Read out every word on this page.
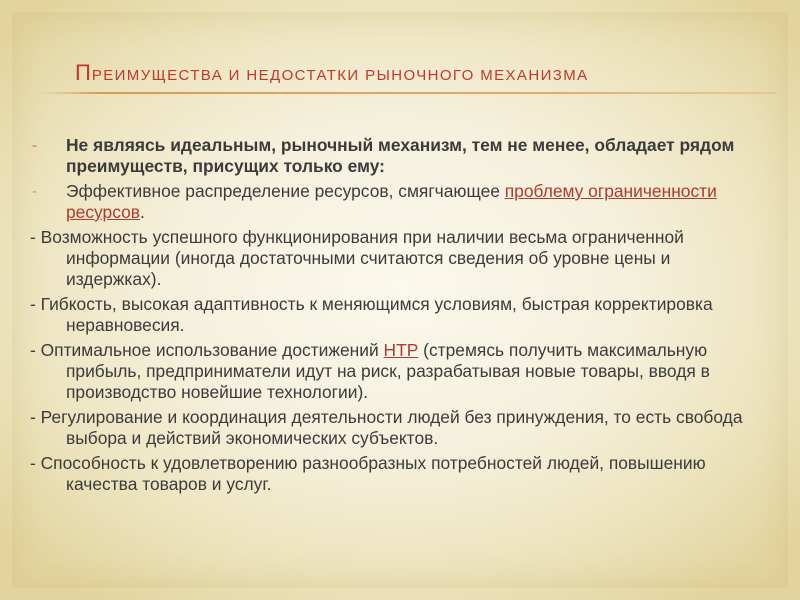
ПРЕИМУЩЕСТВА И НЕДОСТАТКИ РЫНОЧНОГО МЕХАНИЗМА
- Не являясь идеальным, рыночный механизм, тем не менее, обладает рядом преимуществ, присущих только ему:
- Эффективное распределение ресурсов, смягчающее проблему ограниченности ресурсов.
- Возможность успешного функционирования при наличии весьма ограниченной информации (иногда достаточными считаются сведения об уровне цены и издержках).
- Гибкость, высокая адаптивность к меняющимся условиям, быстрая корректировка неравновесия.
- Оптимальное использование достижений НТР (стремясь получить максимальную прибыль, предприниматели идут на риск, разрабатывая новые товары, вводя в производство новейшие технологии).
- Регулирование и координация деятельности людей без принуждения, то есть свобода выбора и действий экономических субъектов.
- Способность к удовлетворению разнообразных потребностей людей, повышению качества товаров и услуг.
